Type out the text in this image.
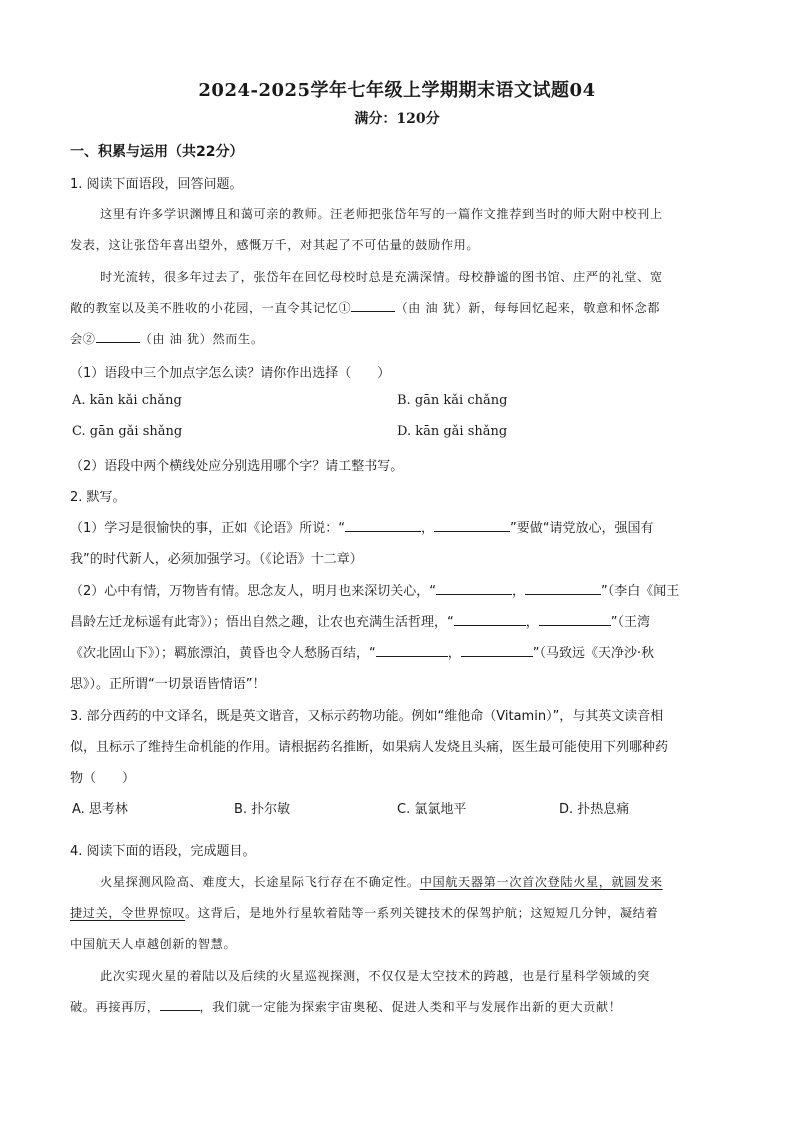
2024-2025学年七年级上学期期末语文试题04
满分：120分
一、积累与运用（共22分）
1. 阅读下面语段，回答问题。
这里有许多学识渊博且和蔼可亲的教师。汪老师把张岱年写的一篇作文推荐到当时的师大附中校刊上
发表，这让张岱年喜出望外，感慨万千，对其起了不可估量的鼓励作用。
时光流转，很多年过去了，张岱年在回忆母校时总是充满深情。母校静谧的图书馆、庄严的礼堂、宽
敞的教室以及美不胜收的小花园，一直令其记忆①	（由 油 犹）新，每每回忆起来，敬意和怀念都
会②	（由 油 犹）然而生。
（1）语段中三个加点字怎么读？请你作出选择（　　）
A. kān kǎi chǎng	B. gān kǎi chǎng
C. gān gǎi shǎng	D. kān gǎi shǎng
（2）语段中两个横线处应分别选用哪个字？请工整书写。
2. 默写。
（1）学习是很愉快的事，正如《论语》所说：“	，	”要做“请党放心，强国有
我”的时代新人，必须加强学习。（《论语》十二章）
（2）心中有情，万物皆有情。思念友人，明月也来深切关心，“	，	”（李白《闻王
昌龄左迁龙标遥有此寄》）；悟出自然之趣，让农也充满生活哲理，“	，	”（王湾
《次北固山下》）；羁旅漂泊，黄昏也令人愁肠百结，“	，	”（马致远《天净沙·秋
思》）。正所谓“一切景语皆情语”！
3. 部分西药的中文译名，既是英文谐音，又标示药物功能。例如“维他命（Vitamin）”，与其英文读音相
似，且标示了维持生命机能的作用。请根据药名推断，如果病人发烧且头痛，医生最可能使用下列哪种药
物（　　）
A. 思考林	B. 扑尔敏	C. 氯氯地平	D. 扑热息痛
4. 阅读下面的语段，完成题目。
火星探测风险高、难度大，长途星际飞行存在不确定性。中国航天器第一次首次登陆火星，就圆发来
捷过关，令世界惊叹。这背后，是地外行星软着陆等一系列关键技术的保驾护航；这短短几分钟，凝结着
中国航天人卓越创新的智慧。
此次实现火星的着陆以及后续的火星巡视探测，不仅仅是太空技术的跨越，也是行星科学领域的突
破。再接再厉，	，我们就一定能为探索宇宙奥秘、促进人类和平与发展作出新的更大贡献！
